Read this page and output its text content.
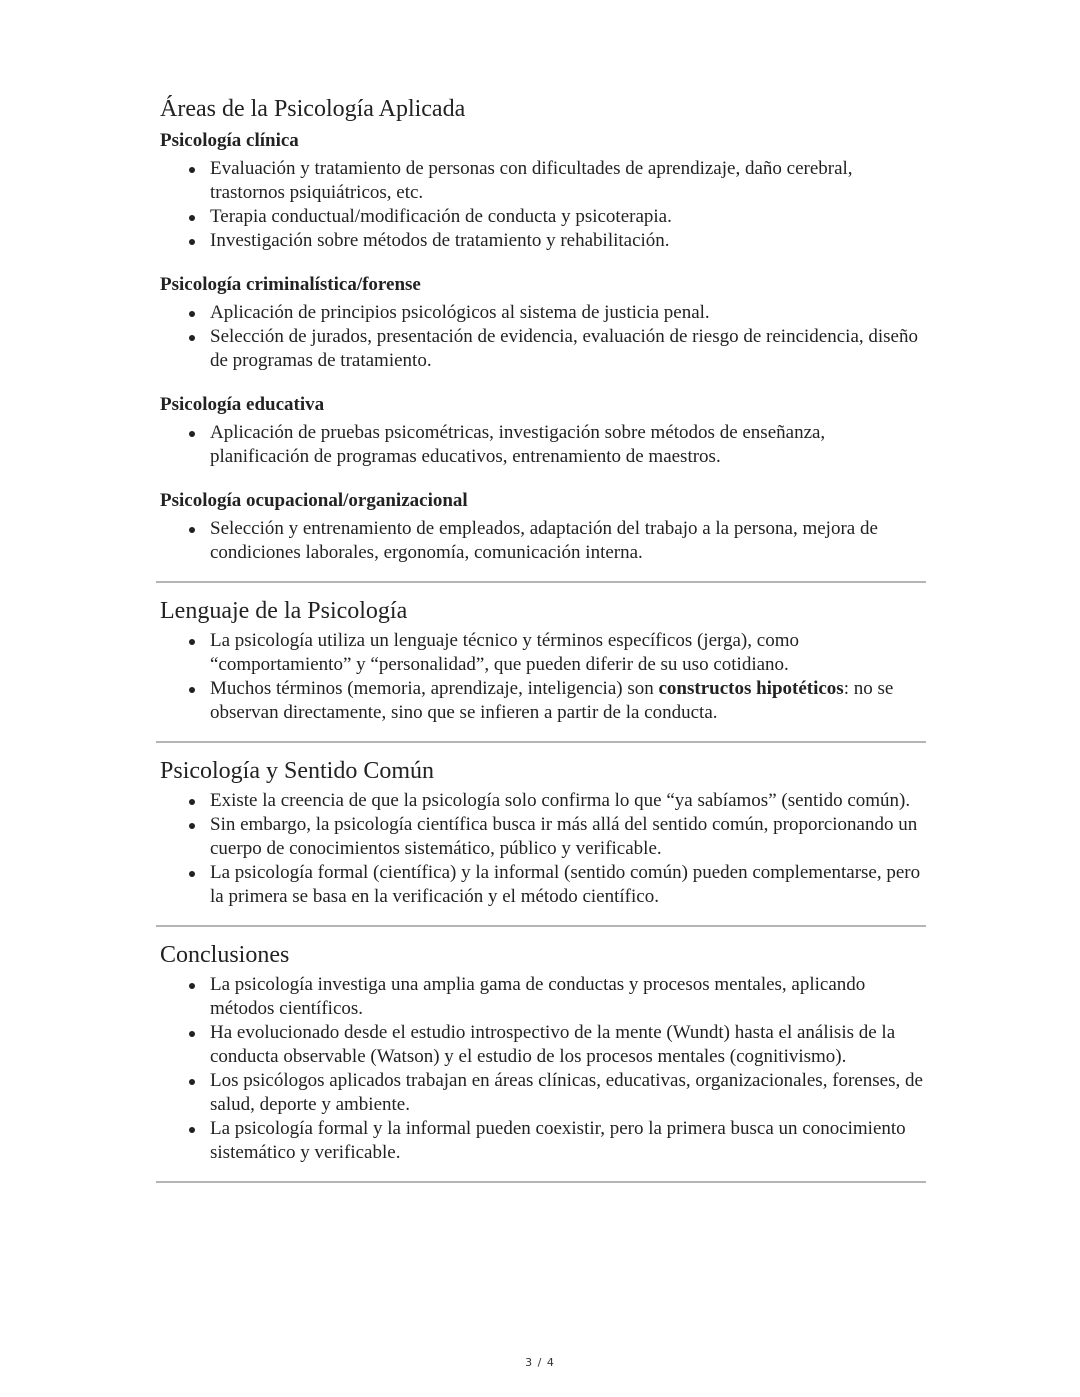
Áreas de la Psicología Aplicada
Psicología clínica
Evaluación y tratamiento de personas con dificultades de aprendizaje, daño cerebral, trastornos psiquiátricos, etc.
Terapia conductual/modificación de conducta y psicoterapia.
Investigación sobre métodos de tratamiento y rehabilitación.
Psicología criminalística/forense
Aplicación de principios psicológicos al sistema de justicia penal.
Selección de jurados, presentación de evidencia, evaluación de riesgo de reincidencia, diseño de programas de tratamiento.
Psicología educativa
Aplicación de pruebas psicométricas, investigación sobre métodos de enseñanza, planificación de programas educativos, entrenamiento de maestros.
Psicología ocupacional/organizacional
Selección y entrenamiento de empleados, adaptación del trabajo a la persona, mejora de condiciones laborales, ergonomía, comunicación interna.
Lenguaje de la Psicología
La psicología utiliza un lenguaje técnico y términos específicos (jerga), como “comportamiento” y “personalidad”, que pueden diferir de su uso cotidiano.
Muchos términos (memoria, aprendizaje, inteligencia) son constructos hipotéticos: no se observan directamente, sino que se infieren a partir de la conducta.
Psicología y Sentido Común
Existe la creencia de que la psicología solo confirma lo que “ya sabíamos” (sentido común).
Sin embargo, la psicología científica busca ir más allá del sentido común, proporcionando un cuerpo de conocimientos sistemático, público y verificable.
La psicología formal (científica) y la informal (sentido común) pueden complementarse, pero la primera se basa en la verificación y el método científico.
Conclusiones
La psicología investiga una amplia gama de conductas y procesos mentales, aplicando métodos científicos.
Ha evolucionado desde el estudio introspectivo de la mente (Wundt) hasta el análisis de la conducta observable (Watson) y el estudio de los procesos mentales (cognitivismo).
Los psicólogos aplicados trabajan en áreas clínicas, educativas, organizacionales, forenses, de salud, deporte y ambiente.
La psicología formal y la informal pueden coexistir, pero la primera busca un conocimiento sistemático y verificable.
3 / 4
